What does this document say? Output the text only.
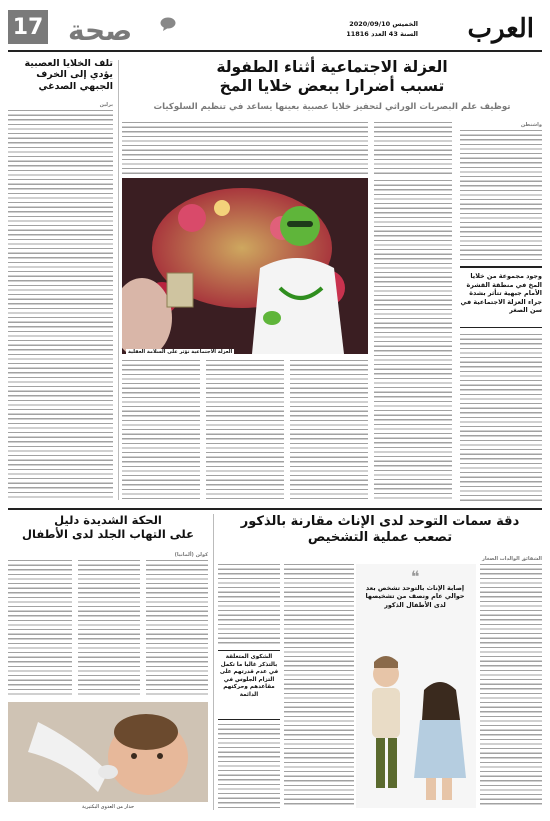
العرب
الخميس 2020/09/10
السنة 43 العدد 11816
صحة
17
تلف الخلايا العصبية
يؤدي إلى الخرف
الجبهي الصدغي
برلين
العزلة الاجتماعية أثناء الطفولة
تسبب أضرارا ببعض خلايا المخ
توظيف علم البصريات الوراثي لتحفيز خلايا عصبية بعينها يساعد في تنظيم السلوكيات
واشنطن
وجود مجموعة من خلايا المخ في منطقة القشرة الأمام جبهية تتأثر بشدة جراء العزلة الاجتماعية في سن الصغر
العزلة الاجتماعية تؤثر على السلامة العقلية
الحكة الشديدة دليل
على التهاب الجلد لدى الأطفال
كولن (ألمانيا)
حذار من العدوى البكتيرية
دقة سمات التوحد لدى الإناث مقارنة بالذكور
تصعب عملية التشخيص
الشقائق الوالدات الصغار
❝
إصابة الإناث بالتوحد تشخص بعد حوالي عام ونصف من تشخيصها لدى الأطفال الذكور
الشكوى المتعلقة بالتذكر غالبا ما تكمل في عدم قدرتهم على التزام الجلوس في مقاعدهم وحركتهم الدائمة
